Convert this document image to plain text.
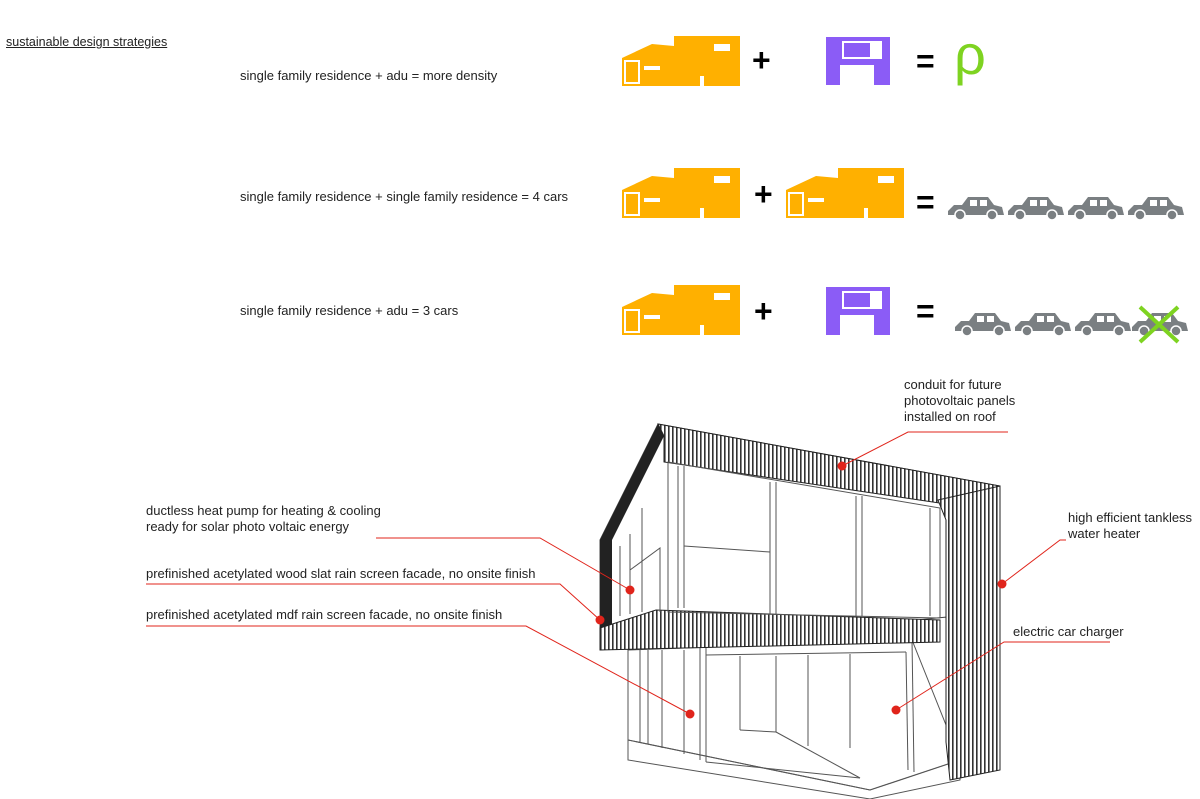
sustainable design strategies
single family residence + adu = more density
single family residence + single family residence = 4 cars
single family residence + adu = 3 cars
conduit for future
photovoltaic panels
installed on roof
ductless heat pump for heating & cooling
ready for solar photo voltaic energy
prefinished acetylated wood slat rain screen facade, no onsite finish
prefinished acetylated mdf rain screen facade, no onsite finish
high efficient tankless
water heater
electric car charger
+	= ρ
+	=
+	=
